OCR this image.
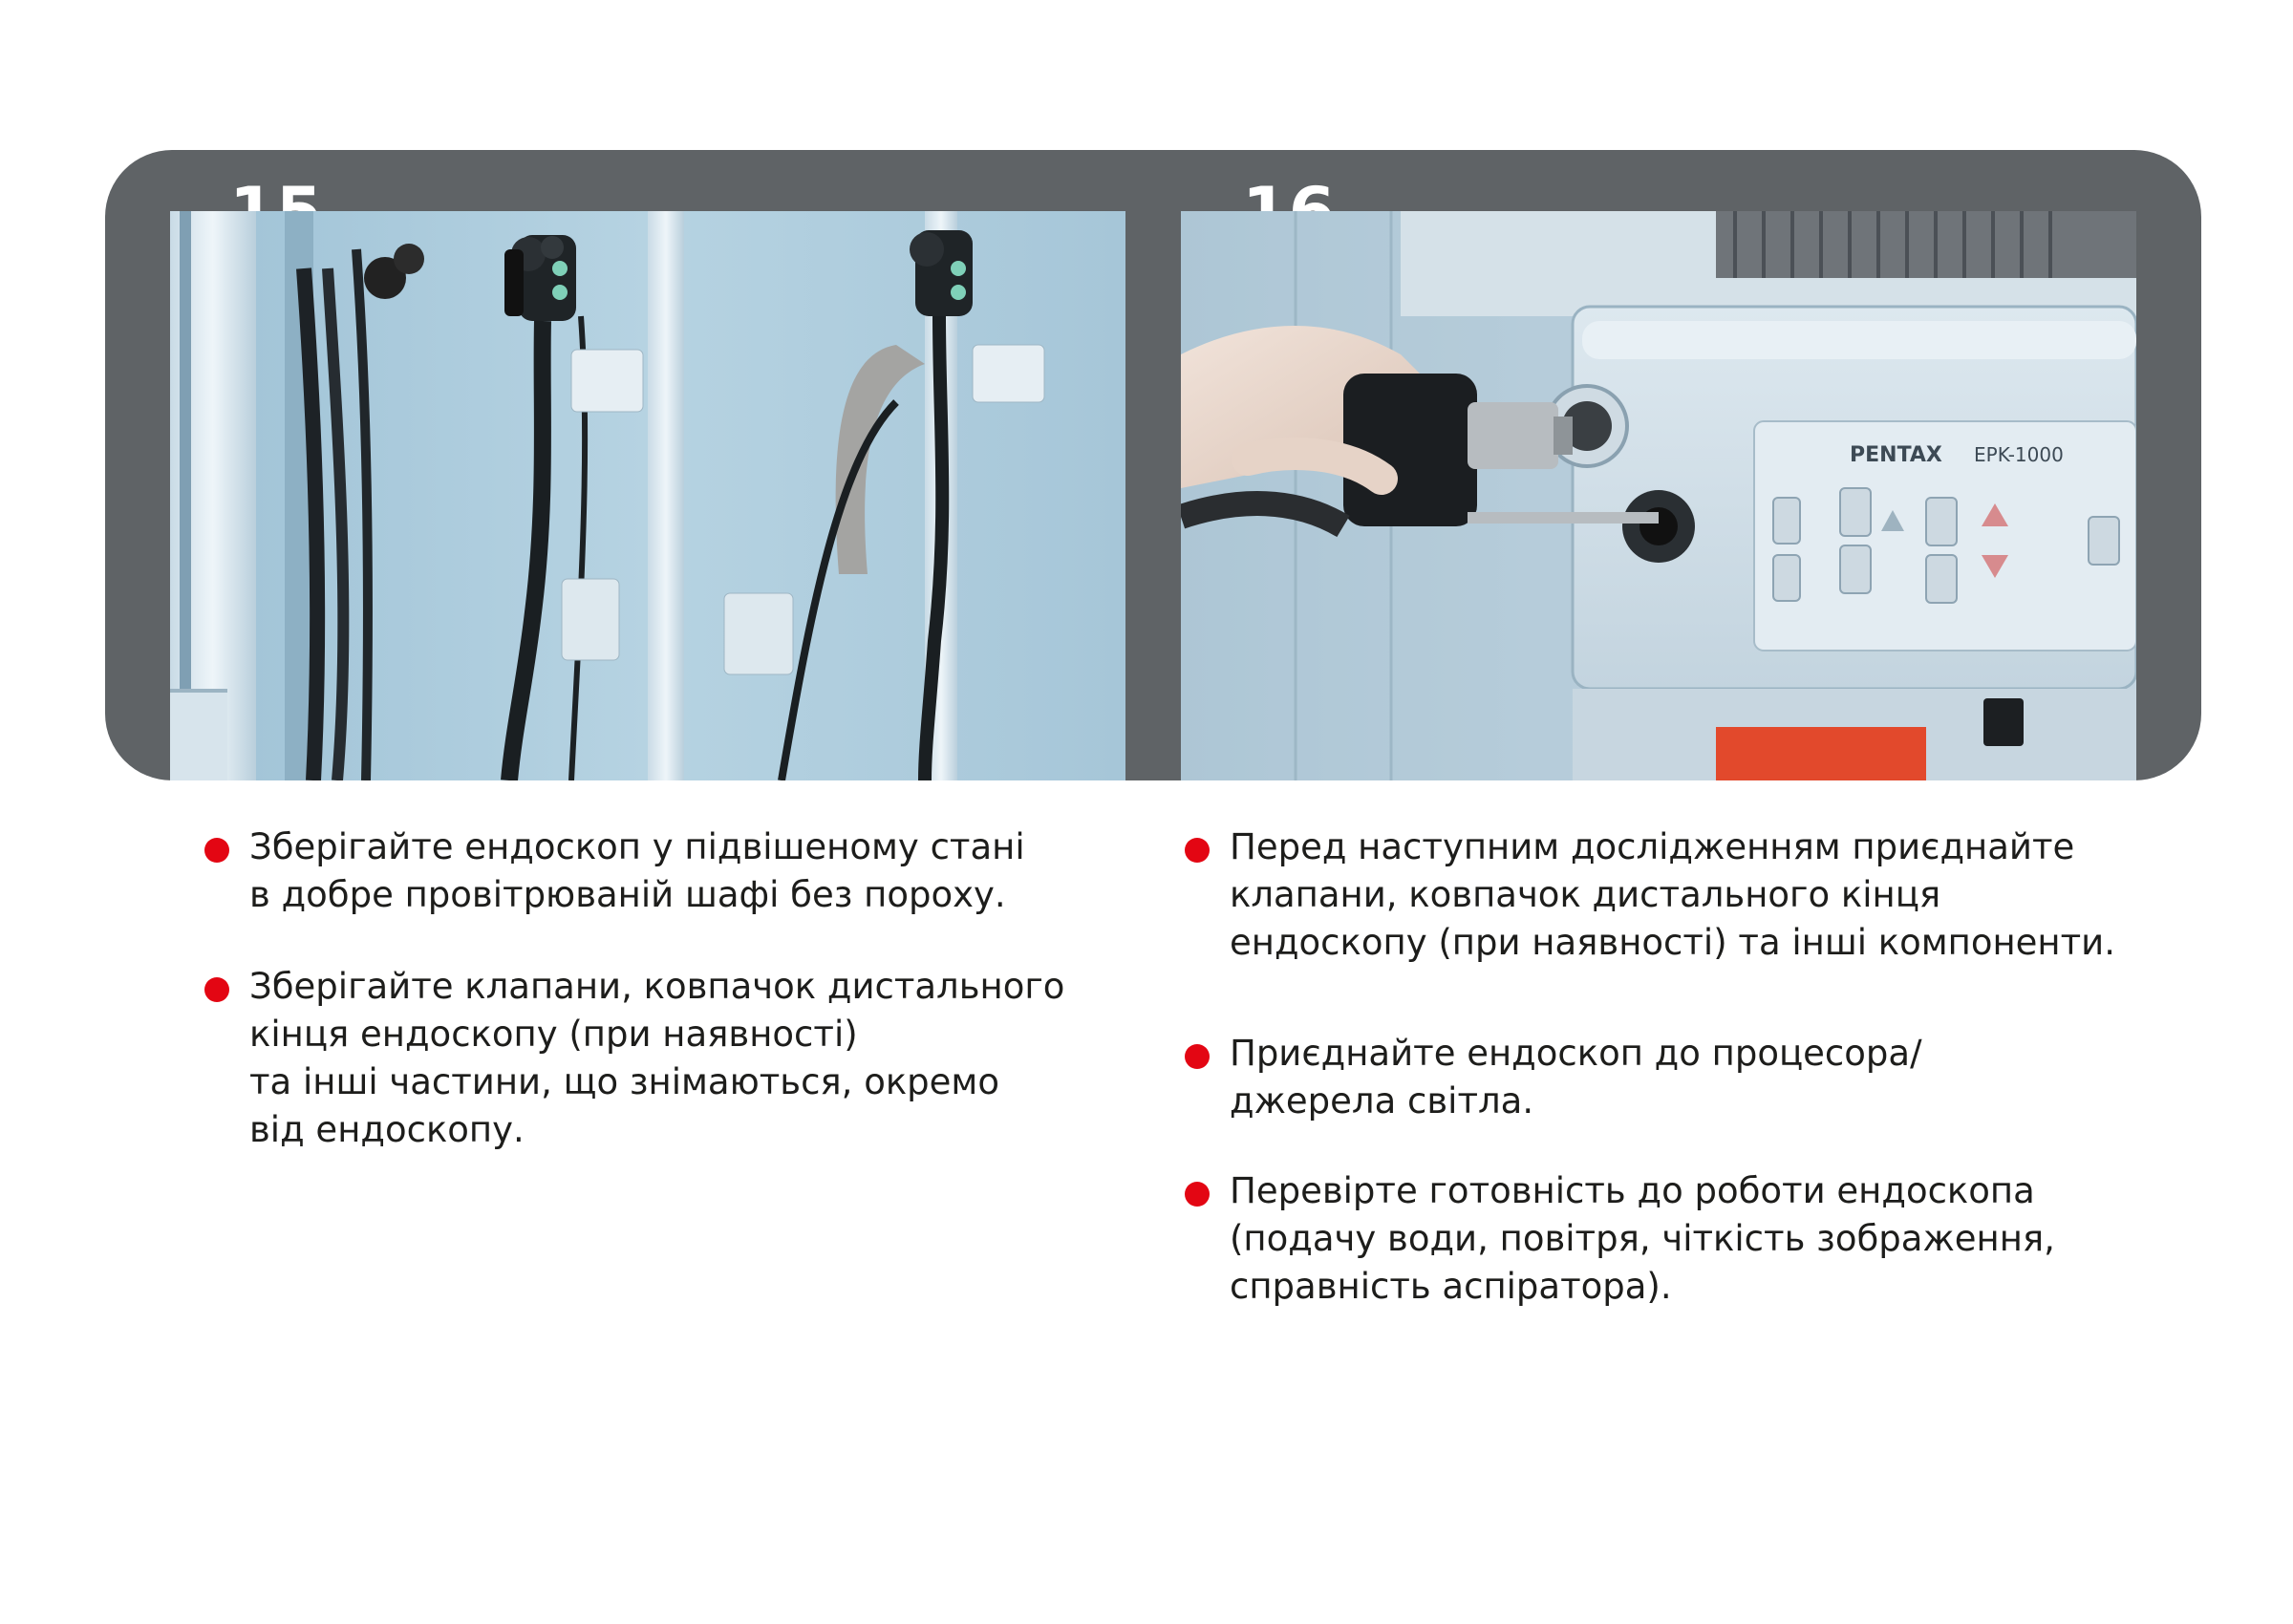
PENTAX EPK-1000
Зберігайте ендоскоп у підвішеному стані
в добре провітрюваній шафі без пороху.
Зберігайте клапани, ковпачок дистального
кінця ендоскопу (при наявності)
та інші частини, що знімаються, окремо
від ендоскопу.
Перед наступним дослідженням приєднайте
клапани, ковпачок дистального кінця
ендоскопу (при наявності) та інші компоненти.
Приєднайте ендоскоп до процесора/
джерела світла.
Перевірте готовність до роботи ендоскопа
(подачу води, повітря, чіткість зображення,
справність аспіратора).
